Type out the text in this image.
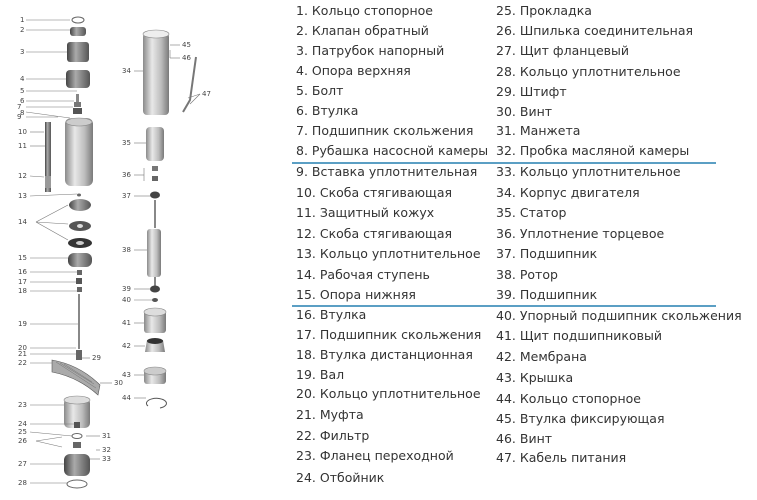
1
2
3
4
5
6
7
8
9
10
11
12
13
14
15
16
17
18
19
20
21
22
23
24
25
26
27
28
29
30
31
32
33
34
35
36
37
38
39
40
41
42
43
44
45
46
47
1. Кольцо стопорное
2. Клапан обратный
3. Патрубок напорный
4. Опора верхняя
5. Болт
6. Втулка
7. Подшипник скольжения
8. Рубашка насосной камеры
9. Вставка уплотнительная
10. Скоба стягивающая
11. Защитный кожух
12. Скоба стягивающая
13. Кольцо уплотнительное
14. Рабочая ступень
15. Опора нижняя
16. Втулка
17. Подшипник скольжения
18. Втулка дистанционная
19. Вал
20. Кольцо уплотнительное
21. Муфта
22. Фильтр
23. Фланец переходной
24. Отбойник
25. Прокладка
26. Шпилька соединительная
27. Щит фланцевый
28. Кольцо уплотнительное
29. Штифт
30. Винт
31. Манжета
32. Пробка масляной камеры
33. Кольцо уплотнительное
34. Корпус двигателя
35. Статор
36. Уплотнение торцевое
37. Подшипник
38. Ротор
39. Подшипник
40. Упорный подшипник скольжения
41. Щит подшипниковый
42. Мембрана
43. Крышка
44. Кольцо стопорное
45. Втулка фиксирующая
46. Винт
47. Кабель питания
